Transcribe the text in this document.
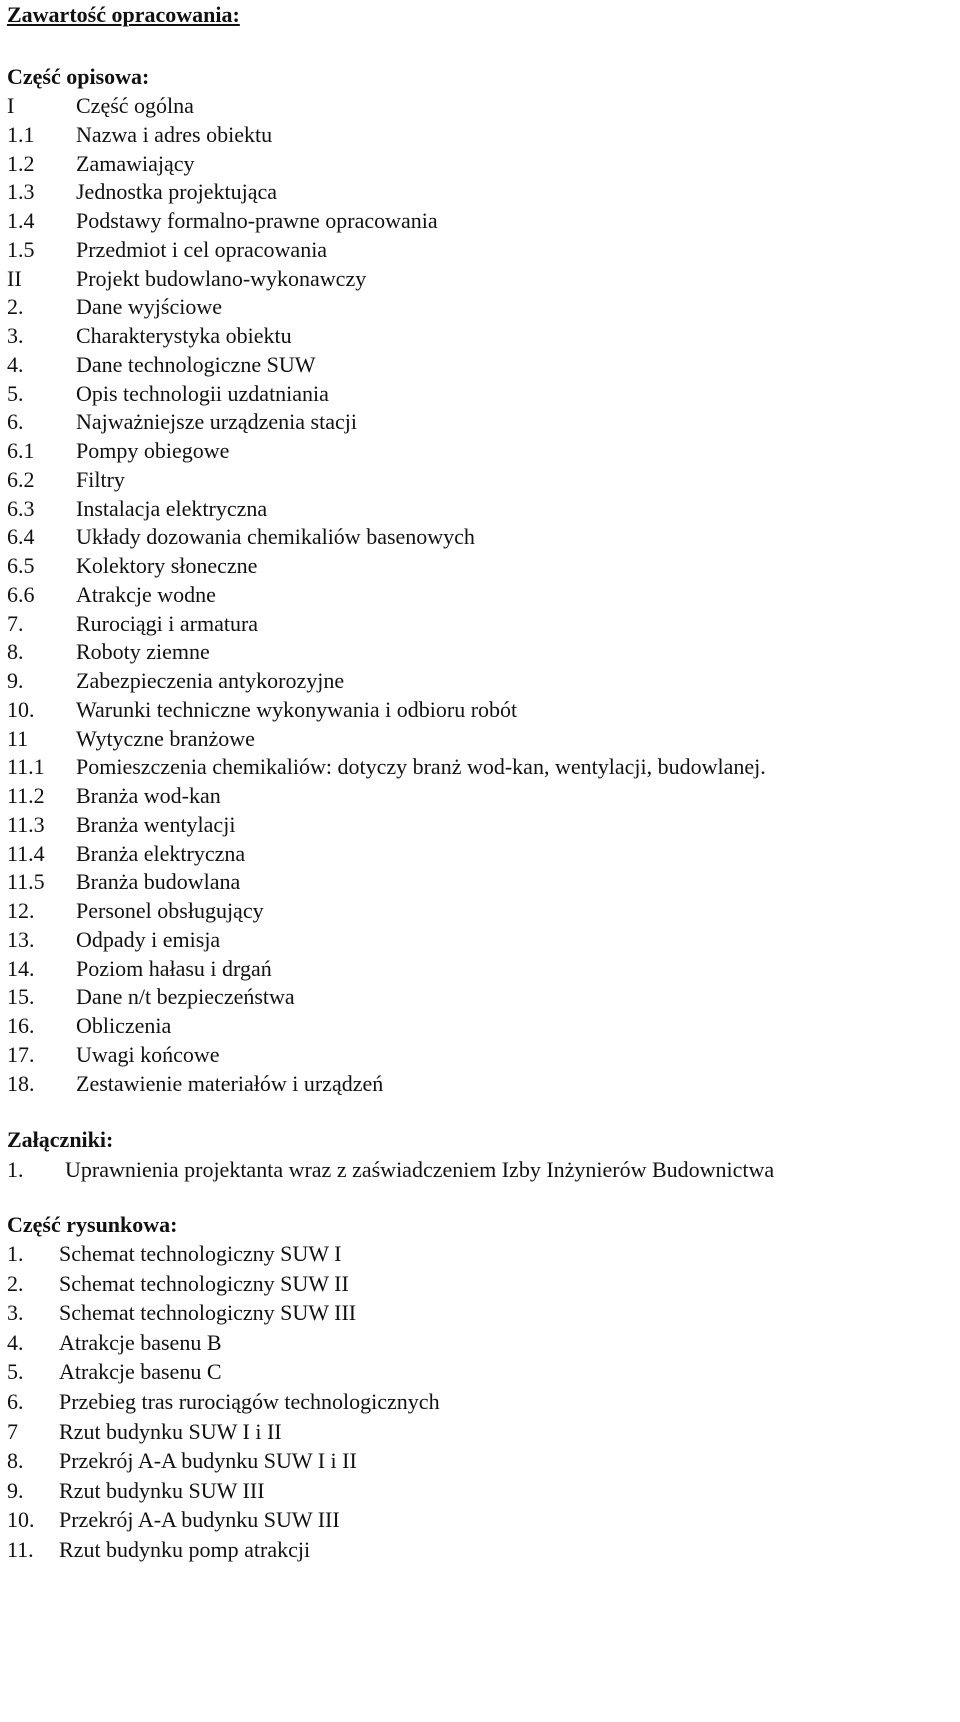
Zawartość opracowania:
Część opisowa:
I	Część ogólna
1.1 Nazwa i adres obiektu
1.2 Zamawiający
1.3 Jednostka projektująca
1.4 Podstawy formalno-prawne opracowania
1.5 Przedmiot i cel opracowania
II Projekt budowlano-wykonawczy
2. Dane wyjściowe
3. Charakterystyka obiektu
4. Dane technologiczne SUW
5. Opis technologii uzdatniania
6. Najważniejsze urządzenia stacji
6.1 Pompy obiegowe
6.2 Filtry
6.3 Instalacja elektryczna
6.4 Układy dozowania chemikaliów basenowych
6.5 Kolektory słoneczne
6.6 Atrakcje wodne
7. Rurociągi i armatura
8. Roboty ziemne
9. Zabezpieczenia antykorozyjne
10. Warunki techniczne wykonywania i odbioru robót
11 Wytyczne branżowe
11.1 Pomieszczenia chemikaliów: dotyczy branż wod-kan, wentylacji, budowlanej.
11.2 Branża wod-kan
11.3 Branża wentylacji
11.4 Branża elektryczna
11.5 Branża budowlana
12. Personel obsługujący
13. Odpady i emisja
14. Poziom hałasu i drgań
15. Dane n/t bezpieczeństwa
16. Obliczenia
17. Uwagi końcowe
18. Zestawienie materiałów i urządzeń
Załączniki:
1. Uprawnienia projektanta wraz z zaświadczeniem Izby Inżynierów Budownictwa
Część rysunkowa:
1. Schemat technologiczny SUW I
2. Schemat technologiczny SUW II
3. Schemat technologiczny SUW III
4. Atrakcje basenu B
5. Atrakcje basenu C
6. Przebieg tras rurociągów technologicznych
7 Rzut budynku SUW I i II
8. Przekrój A-A budynku SUW I i II
9. Rzut budynku SUW III
10. Przekrój A-A budynku SUW III
11. Rzut budynku pomp atrakcji
